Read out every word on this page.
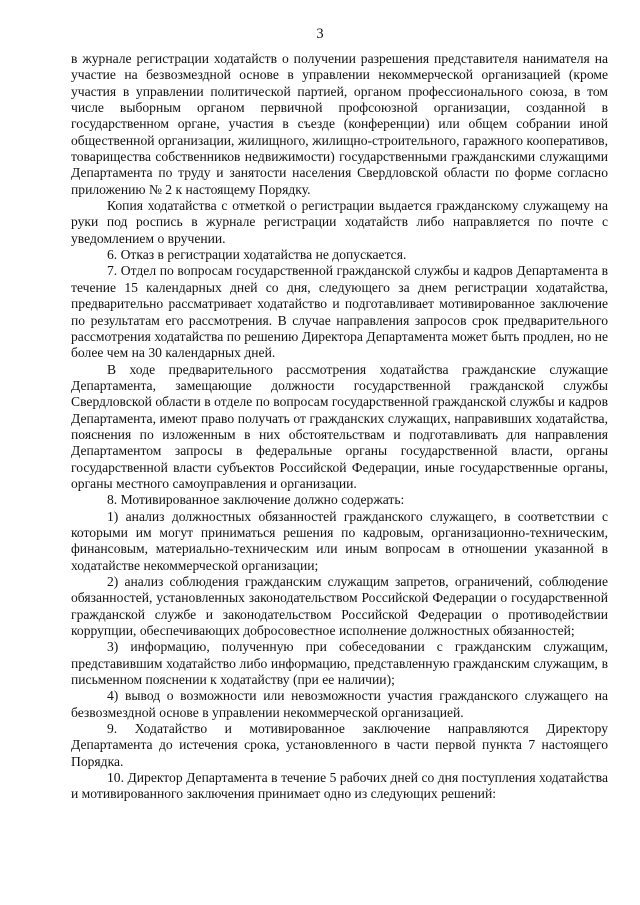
3

в журнале регистрации ходатайств о получении разрешения представителя нанимателя на участие на безвозмездной основе в управлении некоммерческой организацией (кроме участия в управлении политической партией, органом профессионального союза, в том числе выборным органом первичной профсоюзной организации, созданной в государственном органе, участия в съезде (конференции) или общем собрании иной общественной организации, жилищного, жилищно-строительного, гаражного кооперативов, товарищества собственников недвижимости) государственными гражданскими служащими Департамента по труду и занятости населения Свердловской области по форме согласно приложению № 2 к настоящему Порядку.

Копия ходатайства с отметкой о регистрации выдается гражданскому служащему на руки под роспись в журнале регистрации ходатайств либо направляется по почте с уведомлением о вручении.

6. Отказ в регистрации ходатайства не допускается.

7. Отдел по вопросам государственной гражданской службы и кадров Департамента в течение 15 календарных дней со дня, следующего за днем регистрации ходатайства, предварительно рассматривает ходатайство и подготавливает мотивированное заключение по результатам его рассмотрения. В случае направления запросов срок предварительного рассмотрения ходатайства по решению Директора Департамента может быть продлен, но не более чем на 30 календарных дней.

В ходе предварительного рассмотрения ходатайства гражданские служащие Департамента, замещающие должности государственной гражданской службы Свердловской области в отделе по вопросам государственной гражданской службы и кадров Департамента, имеют право получать от гражданских служащих, направивших ходатайства, пояснения по изложенным в них обстоятельствам и подготавливать для направления Департаментом запросы в федеральные органы государственной власти, органы государственной власти субъектов Российской Федерации, иные государственные органы, органы местного самоуправления и организации.

8. Мотивированное заключение должно содержать:

1) анализ должностных обязанностей гражданского служащего, в соответствии с которыми им могут приниматься решения по кадровым, организационно-техническим, финансовым, материально-техническим или иным вопросам в отношении указанной в ходатайстве некоммерческой организации;

2) анализ соблюдения гражданским служащим запретов, ограничений, соблюдение обязанностей, установленных законодательством Российской Федерации о государственной гражданской службе и законодательством Российской Федерации о противодействии коррупции, обеспечивающих добросовестное исполнение должностных обязанностей;

3) информацию, полученную при собеседовании с гражданским служащим, представившим ходатайство либо информацию, представленную гражданским служащим, в письменном пояснении к ходатайству (при ее наличии);

4) вывод о возможности или невозможности участия гражданского служащего на безвозмездной основе в управлении некоммерческой организацией.

9. Ходатайство и мотивированное заключение направляются Директору Департамента до истечения срока, установленного в части первой пункта 7 настоящего Порядка.

10. Директор Департамента в течение 5 рабочих дней со дня поступления ходатайства и мотивированного заключения принимает одно из следующих решений:
